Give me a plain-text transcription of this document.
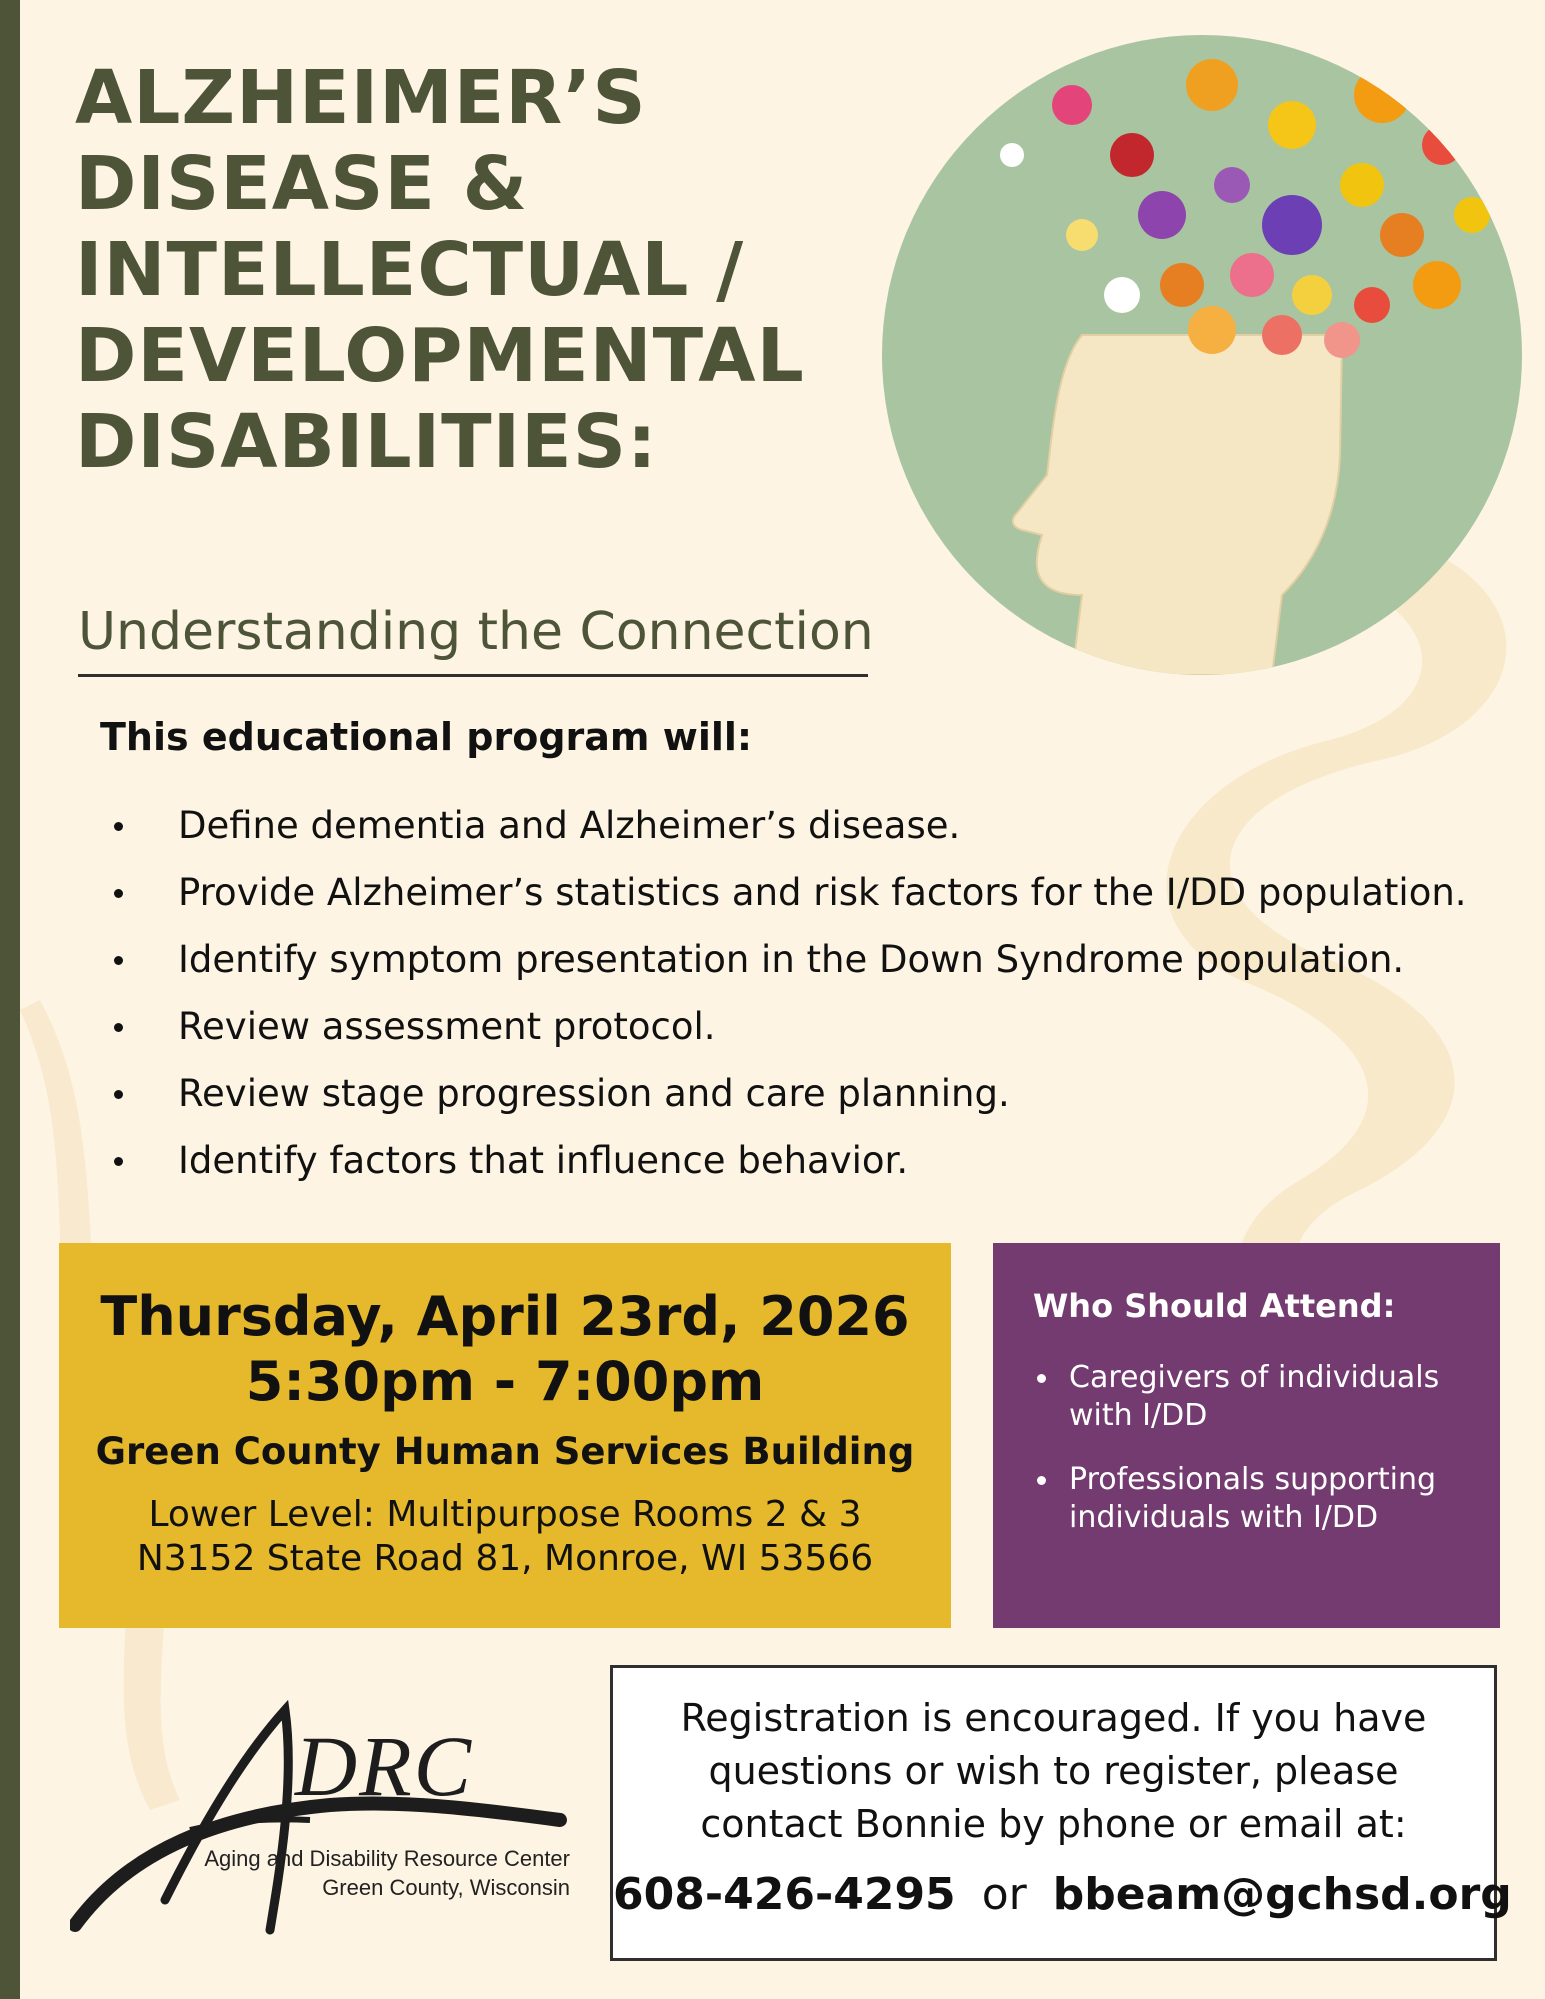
ALZHEIMER’S
DISEASE &
INTELLECTUAL /
DEVELOPMENTAL
DISABILITIES:
Understanding the Connection
This educational program will:
Define dementia and Alzheimer’s disease.
Provide Alzheimer’s statistics and risk factors for the I/DD population.
Identify symptom presentation in the Down Syndrome population.
Review assessment protocol.
Review stage progression and care planning.
Identify factors that influence behavior.
Thursday, April 23rd, 2026
5:30pm - 7:00pm
Green County Human Services Building
Lower Level: Multipurpose Rooms 2 & 3
N3152 State Road 81, Monroe, WI 53566
Who Should Attend:
Caregivers of individuals with I/DD
Professionals supporting individuals with I/DD
DRC
Aging and Disability Resource Center
Green County, Wisconsin
Registration is encouraged. If you have questions or wish to register, please contact Bonnie by phone or email at:
608-426-4295 or bbeam@gchsd.org
